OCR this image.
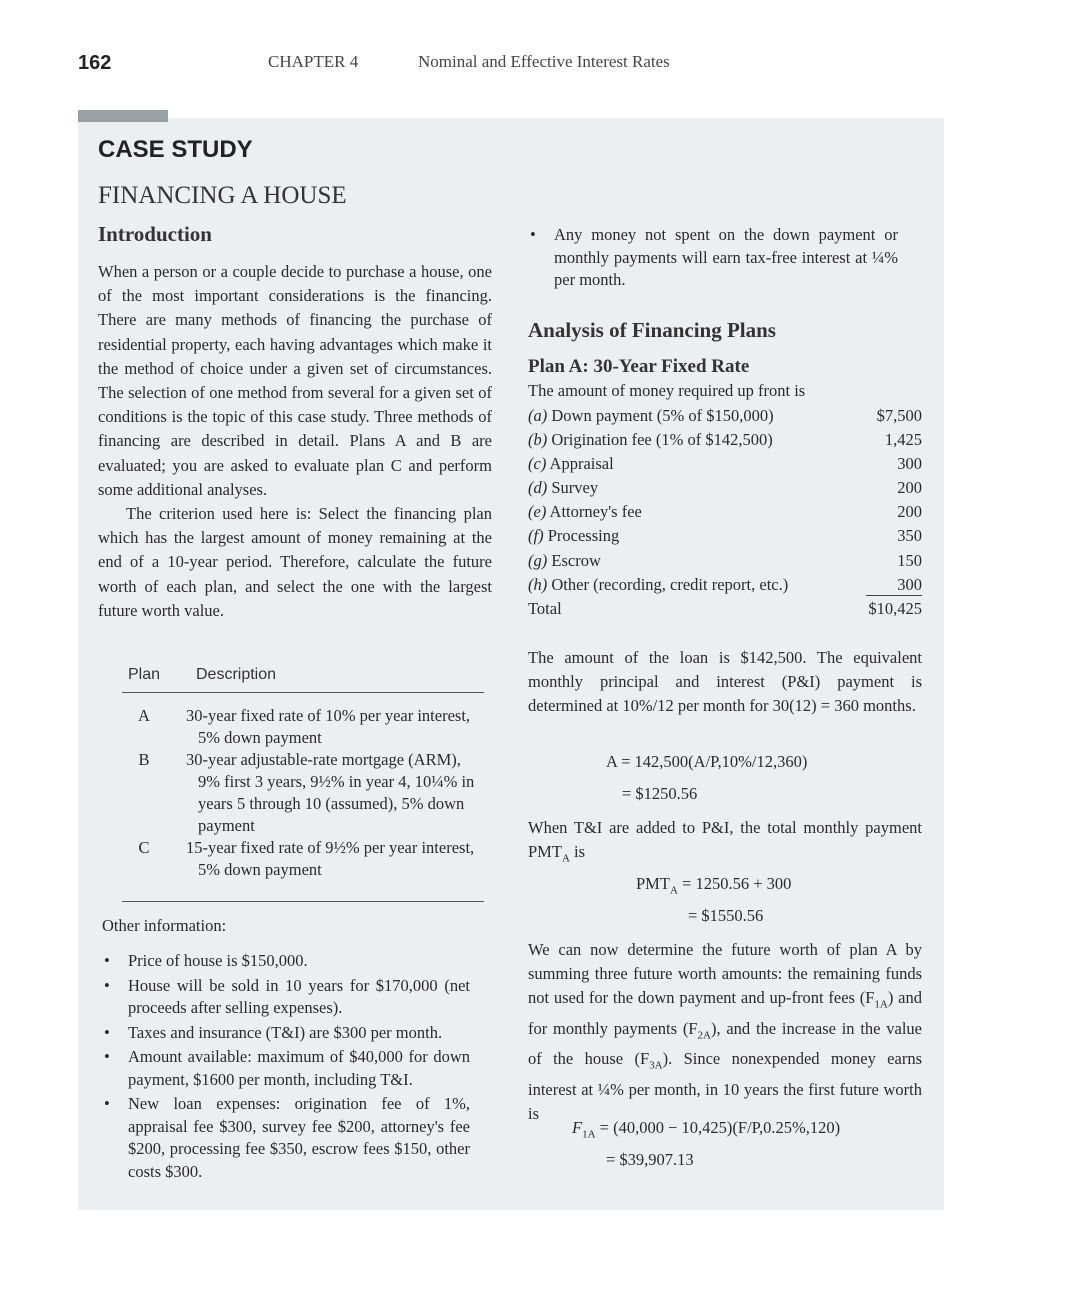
162	CHAPTER 4	Nominal and Effective Interest Rates
CASE STUDY
FINANCING A HOUSE
Introduction

When a person or a couple decide to purchase a house, one of the most important considerations is the financing. There are many methods of financing the purchase of residential property, each having advantages which make it the method of choice under a given set of circumstances. The selection of one method from several for a given set of conditions is the topic of this case study. Three methods of financing are described in detail. Plans A and B are evaluated; you are asked to evaluate plan C and perform some additional analyses.

The criterion used here is: Select the financing plan which has the largest amount of money remaining at the end of a 10-year period. Therefore, calculate the future worth of each plan, and select the one with the largest future worth value.

Plan	Description
A	30-year fixed rate of 10% per year interest, 5% down payment
B	30-year adjustable-rate mortgage (ARM), 9% first 3 years, 9½% in year 4, 10¼% in years 5 through 10 (assumed), 5% down payment
C	15-year fixed rate of 9½% per year interest, 5% down payment
Other information:
• Price of house is $150,000.
• House will be sold in 10 years for $170,000 (net proceeds after selling expenses).
• Taxes and insurance (T&I) are $300 per month.
• Amount available: maximum of $40,000 for down payment, $1600 per month, including T&I.
• New loan expenses: origination fee of 1%, appraisal fee $300, survey fee $200, attorney's fee $200, processing fee $350, escrow fees $150, other costs $300.
• Any money not spent on the down payment or monthly payments will earn tax-free interest at ¼% per month.
Analysis of Financing Plans
Plan A: 30-Year Fixed Rate
The amount of money required up front is
(a) Down payment (5% of $150,000)	$7,500
(b) Origination fee (1% of $142,500)	1,425
(c) Appraisal	300
(d) Survey	200
(e) Attorney's fee	200
(f) Processing	350
(g) Escrow	150
(h) Other (recording, credit report, etc.)	300
Total	$10,425
The amount of the loan is $142,500. The equivalent monthly principal and interest (P&I) payment is determined at 10%/12 per month for 30(12) = 360 months.
A = 142,500(A/P,10%/12,360)
= $1250.56
When T&I are added to P&I, the total monthly payment $PMT_A$ is
$PMT_A = 1250.56 + 300$
= $1550.56
We can now determine the future worth of plan A by summing three future worth amounts: the remaining funds not used for the down payment and up-front fees $(F_{1A})$ and for monthly payments $(F_{2A})$, and the increase in the value of the house $(F_{3A})$. Since nonexpended money earns interest at ¼% per month, in 10 years the first future worth is
$F_{1A} = (40,000 - 10,425)(F/P,0.25\%,120)$
= $39,907.13
